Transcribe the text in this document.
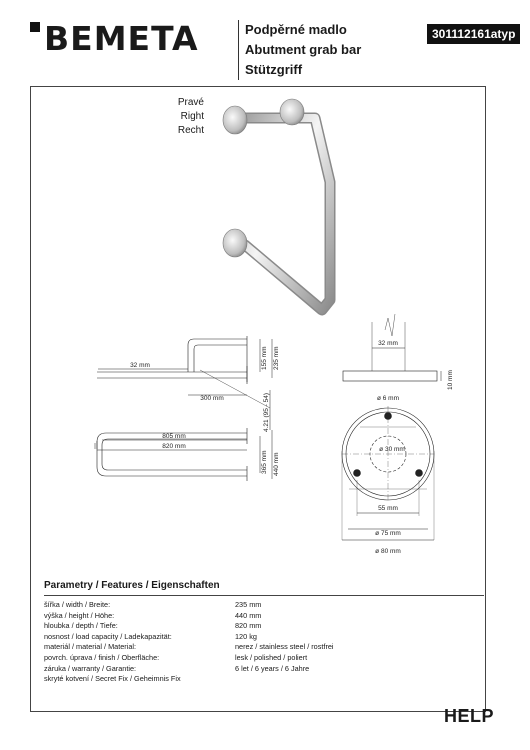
BEMETA	Podpěrné madlo
Abutment grab bar
Stützgriff
301112161atyp
Pravé
Right
Recht
32 mm
300 mm
155 mm 235 mm
4.21 (95 - 54)
805 mm
820 mm
365 mm 440 mm
32 mm
10 mm
ø 6 mm
ø 30 mm
55 mm
ø 75 mm
ø 80 mm
Parametry / Features / Eigenschaften
šířka / width / Breite:	235 mm
výška / height / Höhe:	440 mm
hloubka / depth / Tiefe:	820 mm
nosnost / load capacity / Ladekapazität:	120 kg
materiál / material / Material:	nerez / stainless steel / rostfrei
povrch. úprava / finish / Oberfläche:	lesk / polished / poliert
záruka / warranty / Garantie:	6 let / 6 years / 6 Jahre
skryté kotvení / Secret Fix / Geheimnis Fix	
HELP
